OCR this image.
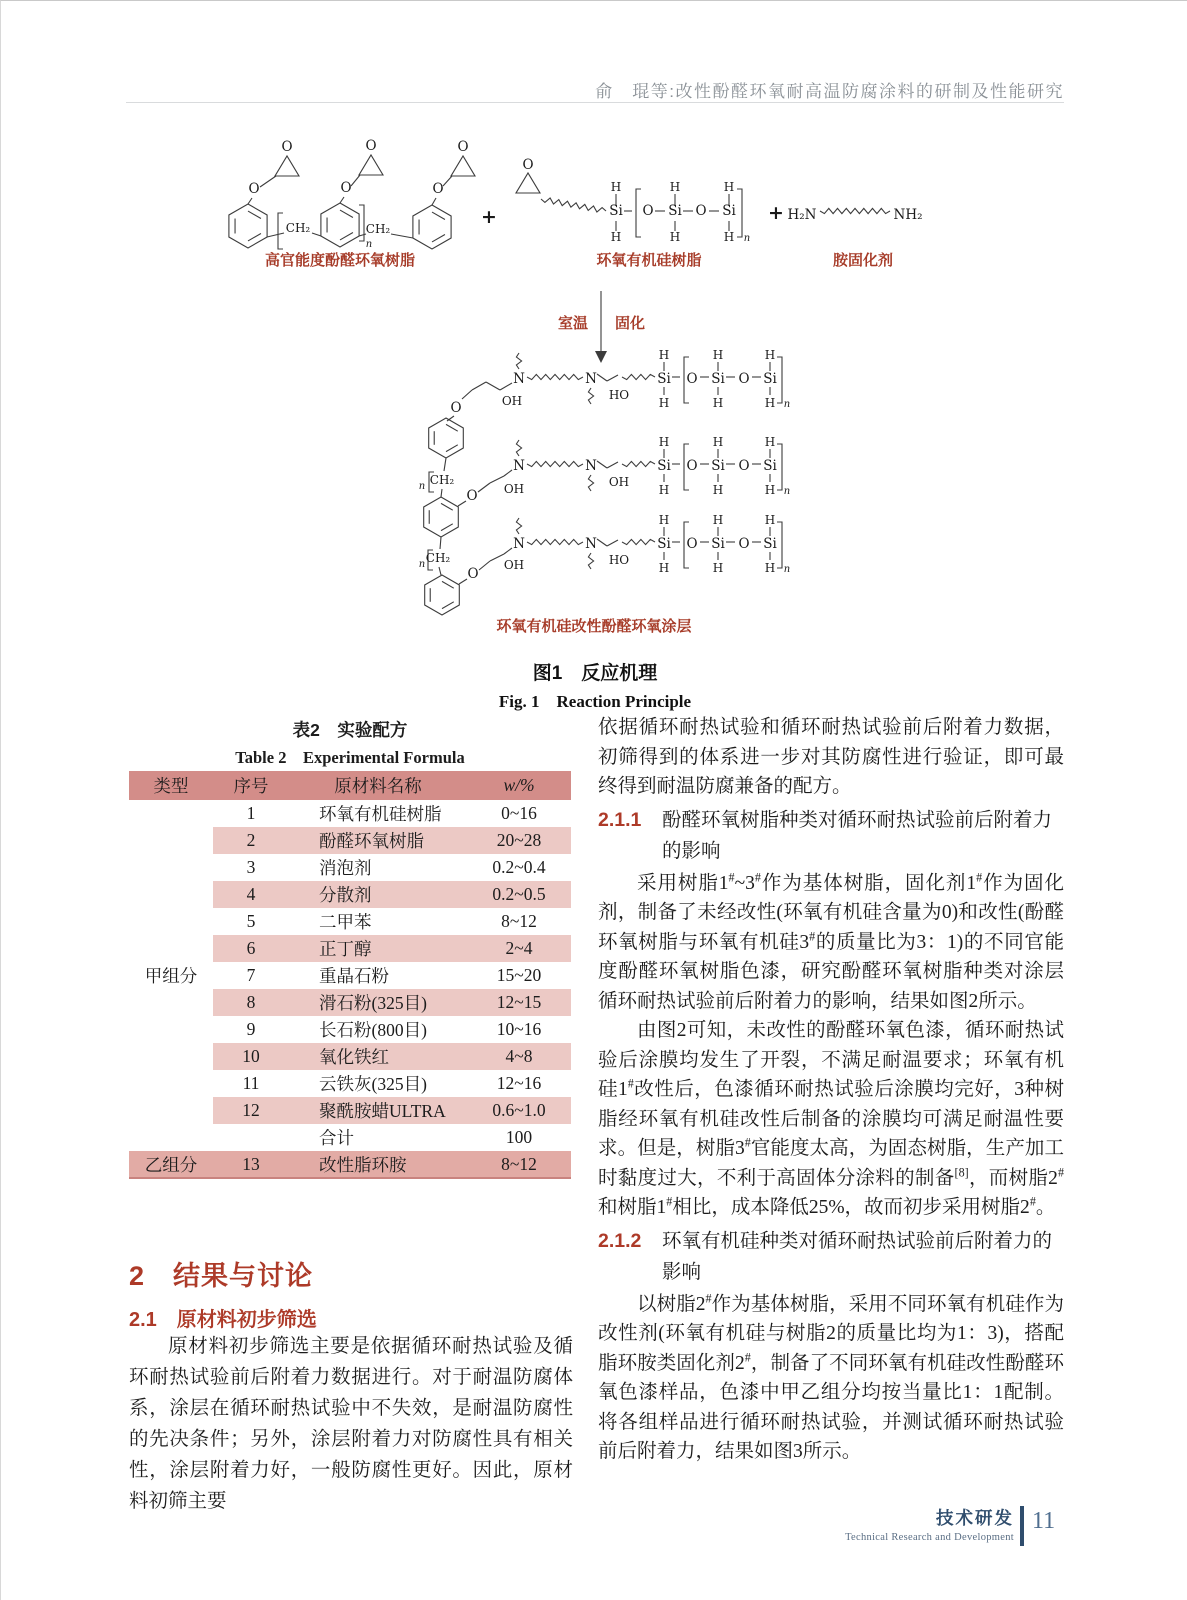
俞　琨等:改性酚醛环氧耐高温防腐涂料的研制及性能研究
+	+
O
O
O
O
O
O
CH₂	CH₂
O
Si
H
H
O Si
H
H
O Si
H
H
H₂N	NH₂
N	N
HO
Si
H
H
O Si
H
H
O Si
H
H
N	N
OH
Si
H
H
O Si
H
H
O Si
H
H
N	N
HO
Si
H
H
O Si
H
H
O Si
H
H
OH
O
CH₂
O OH
CH₂
O
OH
n
n
n
n
n
n
n
高官能度酚醛环氧树脂	环氧有机硅树脂	胺固化剂
室温 固化
环氧有机硅改性酚醛环氧涂层
图1　反应机理
Fig. 1　Reaction Principle
表2　实验配方
Table 2　Experimental Formula
类型	序号	原材料名称	w/%
甲组分	1	环氧有机硅树脂	0~16
	2	酚醛环氧树脂	20~28
	3	消泡剂	0.2~0.4
	4	分散剂	0.2~0.5
	5	二甲苯	8~12
	6	正丁醇	2~4
	7	重晶石粉	15~20
	8	滑石粉(325目)	12~15
	9	长石粉(800目)	10~16
	10	氧化铁红	4~8
	11	云铁灰(325目)	12~16
	12	聚酰胺蜡ULTRA	0.6~1.0
		合计	100
乙组分	13	改性脂环胺	8~12
2　结果与讨论
2.1　原材料初步筛选
原材料初步筛选主要是依据循环耐热试验及循环耐热试验前后附着力数据进行。对于耐温防腐体系，涂层在循环耐热试验中不失效，是耐温防腐性的先决条件；另外，涂层附着力对防腐性具有相关性，涂层附着力好，一般防腐性更好。因此，原材料初筛主要

依据循环耐热试验和循环耐热试验前后附着力数据，初筛得到的体系进一步对其防腐性进行验证，即可最终得到耐温防腐兼备的配方。

2.1.1 酚醛环氧树脂种类对循环耐热试验前后附着力的影响

采用树脂1#~3#作为基体树脂，固化剂1#作为固化剂，制备了未经改性(环氧有机硅含量为0)和改性(酚醛环氧树脂与环氧有机硅3#的质量比为3：1)的不同官能度酚醛环氧树脂色漆，研究酚醛环氧树脂种类对涂层循环耐热试验前后附着力的影响，结果如图2所示。

由图2可知，未改性的酚醛环氧色漆，循环耐热试验后涂膜均发生了开裂，不满足耐温要求；环氧有机硅1#改性后，色漆循环耐热试验后涂膜均完好，3种树脂经环氧有机硅改性后制备的涂膜均可满足耐温性要求。但是，树脂3#官能度太高，为固态树脂，生产加工时黏度过大，不利于高固体分涂料的制备[8]，而树脂2#和树脂1#相比，成本降低25%，故而初步采用树脂2#。

2.1.2 环氧有机硅种类对循环耐热试验前后附着力的影响

以树脂2#作为基体树脂，采用不同环氧有机硅作为改性剂(环氧有机硅与树脂2的质量比均为1：3)，搭配脂环胺类固化剂2#，制备了不同环氧有机硅改性酚醛环氧色漆样品，色漆中甲乙组分均按当量比1：1配制。将各组样品进行循环耐热试验，并测试循环耐热试验前后附着力，结果如图3所示。

技术研发
Technical Research and Development
11
